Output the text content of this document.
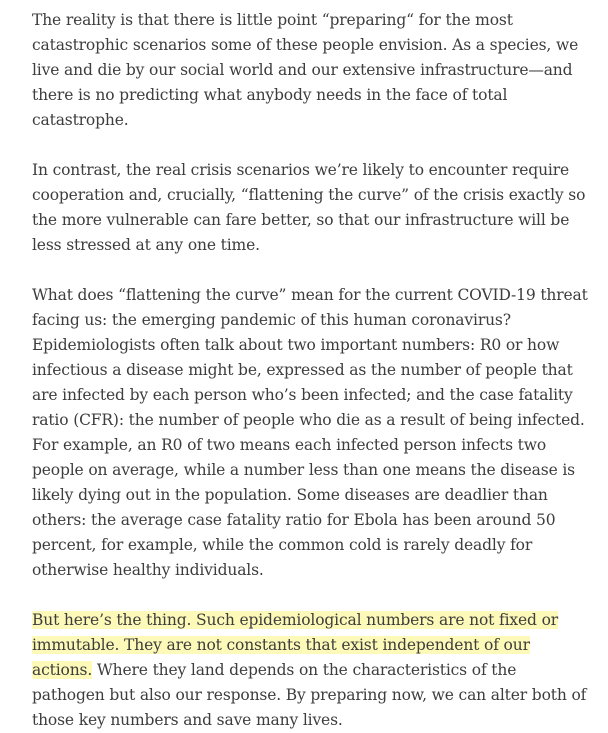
The reality is that there is little point “preparing“ for the most catastrophic scenarios some of these people envision. As a species, we live and die by our social world and our extensive infrastructure—and there is no predicting what anybody needs in the face of total catastrophe.

In contrast, the real crisis scenarios we’re likely to encounter require cooperation and, crucially, “flattening the curve” of the crisis exactly so the more vulnerable can fare better, so that our infrastructure will be less stressed at any one time.

What does “flattening the curve” mean for the current COVID-19 threat facing us: the emerging pandemic of this human coronavirus? Epidemiologists often talk about two important numbers: R0 or how infectious a disease might be, expressed as the number of people that are infected by each person who’s been infected; and the case fatality ratio (CFR): the number of people who die as a result of being infected. For example, an R0 of two means each infected person infects two people on average, while a number less than one means the disease is likely dying out in the population. Some diseases are deadlier than others: the average case fatality ratio for Ebola has been around 50 percent, for example, while the common cold is rarely deadly for otherwise healthy individuals.

But here’s the thing. Such epidemiological numbers are not fixed or immutable. They are not constants that exist independent of our actions. Where they land depends on the characteristics of the pathogen but also our response. By preparing now, we can alter both of those key numbers and save many lives.
